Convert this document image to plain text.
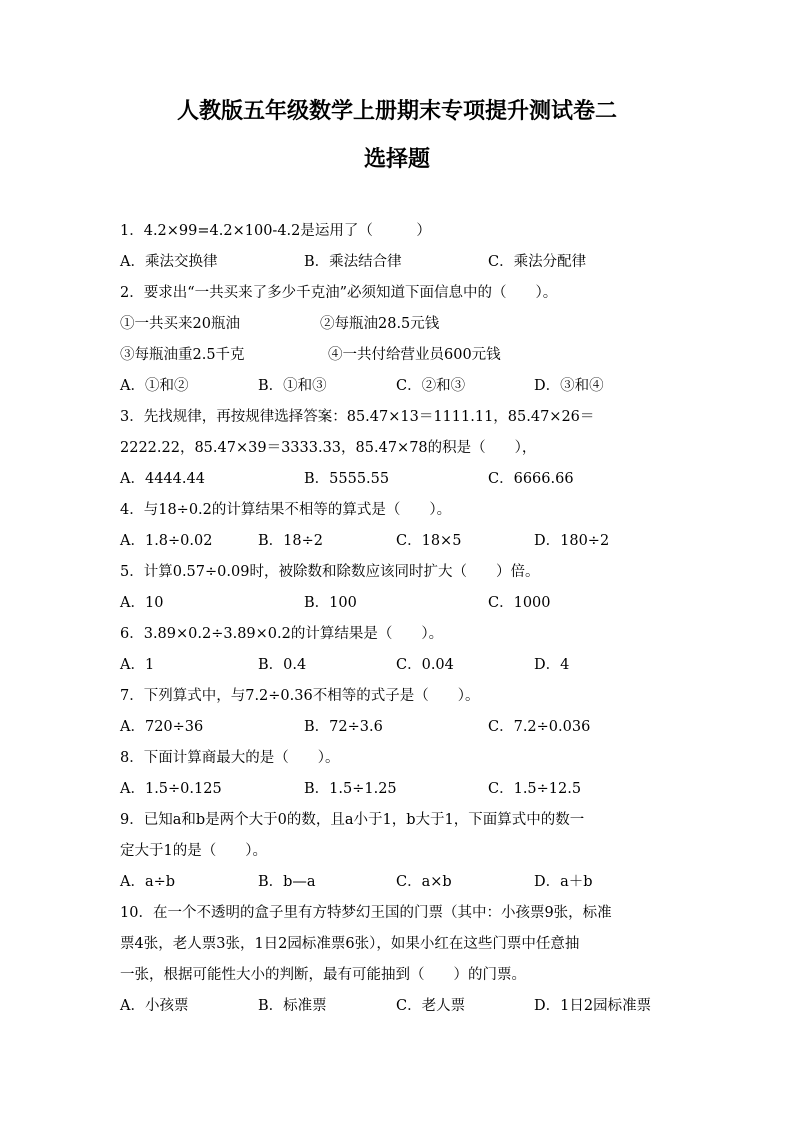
人教版五年级数学上册期末专项提升测试卷二
选择题
1．4.2×99=4.2×100-4.2是运用了（　　　）
A．乘法交换律	B．乘法结合律	C．乘法分配律
2．要求出“一共买来了多少千克油”必须知道下面信息中的（　　）。
①一共买来20瓶油	②每瓶油28.5元钱
③每瓶油重2.5千克	④一共付给营业员600元钱
A．①和②	B．①和③	C．②和③	D．③和④
3．先找规律，再按规律选择答案：85.47×13＝1111.11，85.47×26＝
2222.22，85.47×39＝3333.33，85.47×78的积是（　　），
A．4444.44	B．5555.55	C．6666.66
4．与18÷0.2的计算结果不相等的算式是（　　）。
A．1.8÷0.02	B．18÷2	C．18×5	D．180÷2
5．计算0.57÷0.09时，被除数和除数应该同时扩大（　　）倍。
A．10	B．100	C．1000
6．3.89×0.2÷3.89×0.2的计算结果是（　　）。
A．1	B．0.4	C．0.04	D．4
7．下列算式中，与7.2÷0.36不相等的式子是（　　）。
A．720÷36	B．72÷3.6	C．7.2÷0.036
8．下面计算商最大的是（　　）。
A．1.5÷0.125	B．1.5÷1.25	C．1.5÷12.5
9．已知a和b是两个大于0的数，且a小于1，b大于1，下面算式中的数一
定大于1的是（　　）。
A．a÷b	B．b—a	C．a×b	D．a＋b
10．在一个不透明的盒子里有方特梦幻王国的门票（其中：小孩票9张，标准
票4张，老人票3张，1日2园标准票6张），如果小红在这些门票中任意抽
一张，根据可能性大小的判断，最有可能抽到（　　）的门票。
A．小孩票	B．标准票	C．老人票	D．1日2园标准票
